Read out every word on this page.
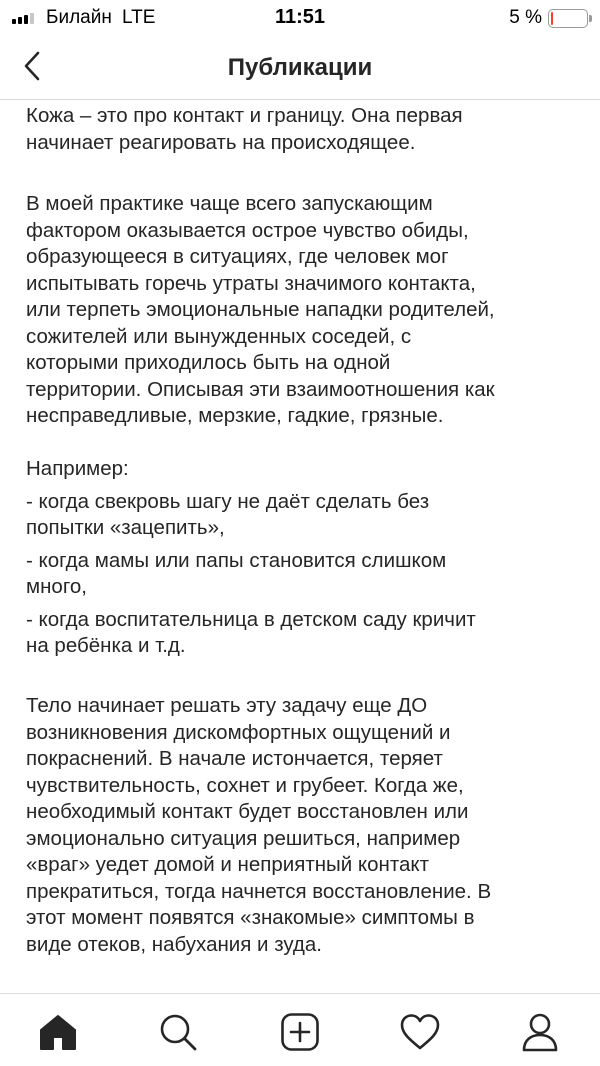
Билайн LTE	11:51	5 %
Публикации
Кожа – это про контакт и границу. Она первая
начинает реагировать на происходящее.
В моей практике чаще всего запускающим
фактором оказывается острое чувство обиды,
образующееся в ситуациях, где человек мог
испытывать горечь утраты значимого контакта,
или терпеть эмоциональные нападки родителей,
сожителей или вынужденных соседей, с
которыми приходилось быть на одной
территории. Описывая эти взаимоотношения как
несправедливые, мерзкие, гадкие, грязные.
Например:
- когда свекровь шагу не даёт сделать без
попытки «зацепить»,
- когда мамы или папы становится слишком
много,
- когда воспитательница в детском саду кричит
на ребёнка и т.д.
Тело начинает решать эту задачу еще ДО
возникновения дискомфортных ощущений и
покраснений. В начале истончается, теряет
чувствительность, сохнет и грубеет. Когда же,
необходимый контакт будет восстановлен или
эмоционально ситуация решиться, например
«враг» уедет домой и неприятный контакт
прекратиться, тогда начнется восстановление. В
этот момент появятся «знакомые» симптомы в
виде отеков, набухания и зуда.
